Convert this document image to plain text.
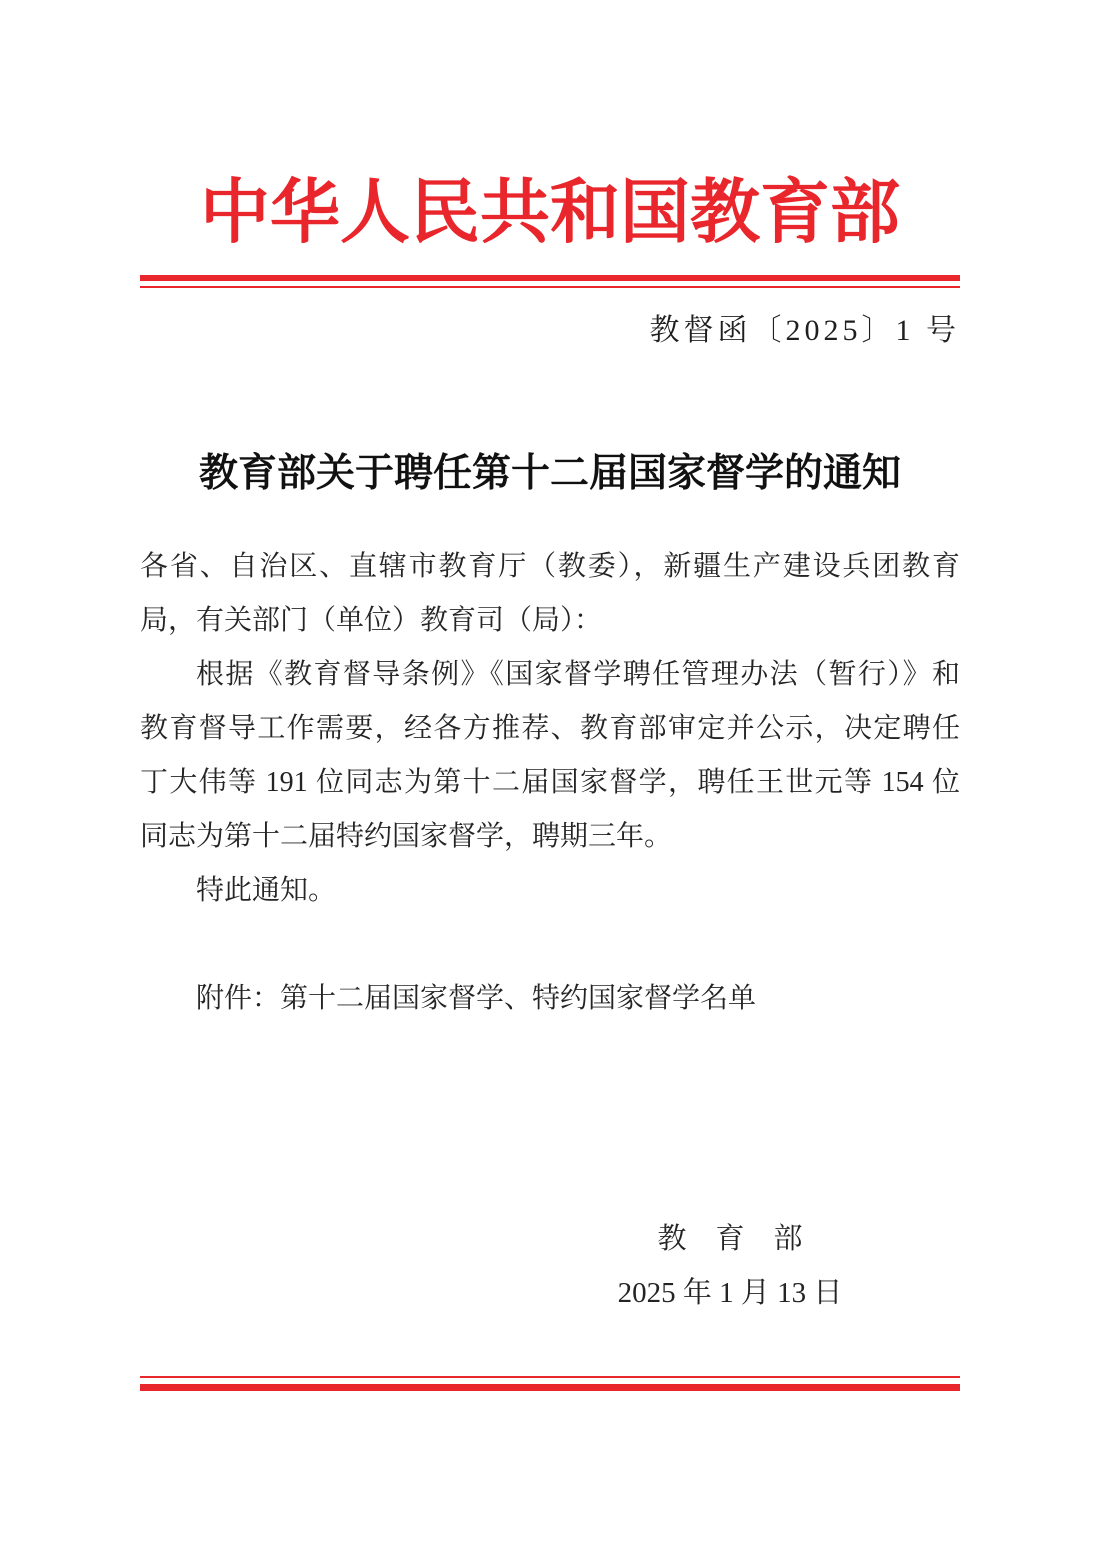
中华人民共和国教育部
教督函〔2025〕1 号
教育部关于聘任第十二届国家督学的通知
各省、自治区、直辖市教育厅（教委），新疆生产建设兵团教育
局，有关部门（单位）教育司（局）：
根据《教育督导条例》《国家督学聘任管理办法（暂行）》和
教育督导工作需要，经各方推荐、教育部审定并公示，决定聘任
丁大伟等 191 位同志为第十二届国家督学，聘任王世元等 154 位
同志为第十二届特约国家督学，聘期三年。
特此通知。
附件：第十二届国家督学、特约国家督学名单
教　育　部
2025 年 1 月 13 日
